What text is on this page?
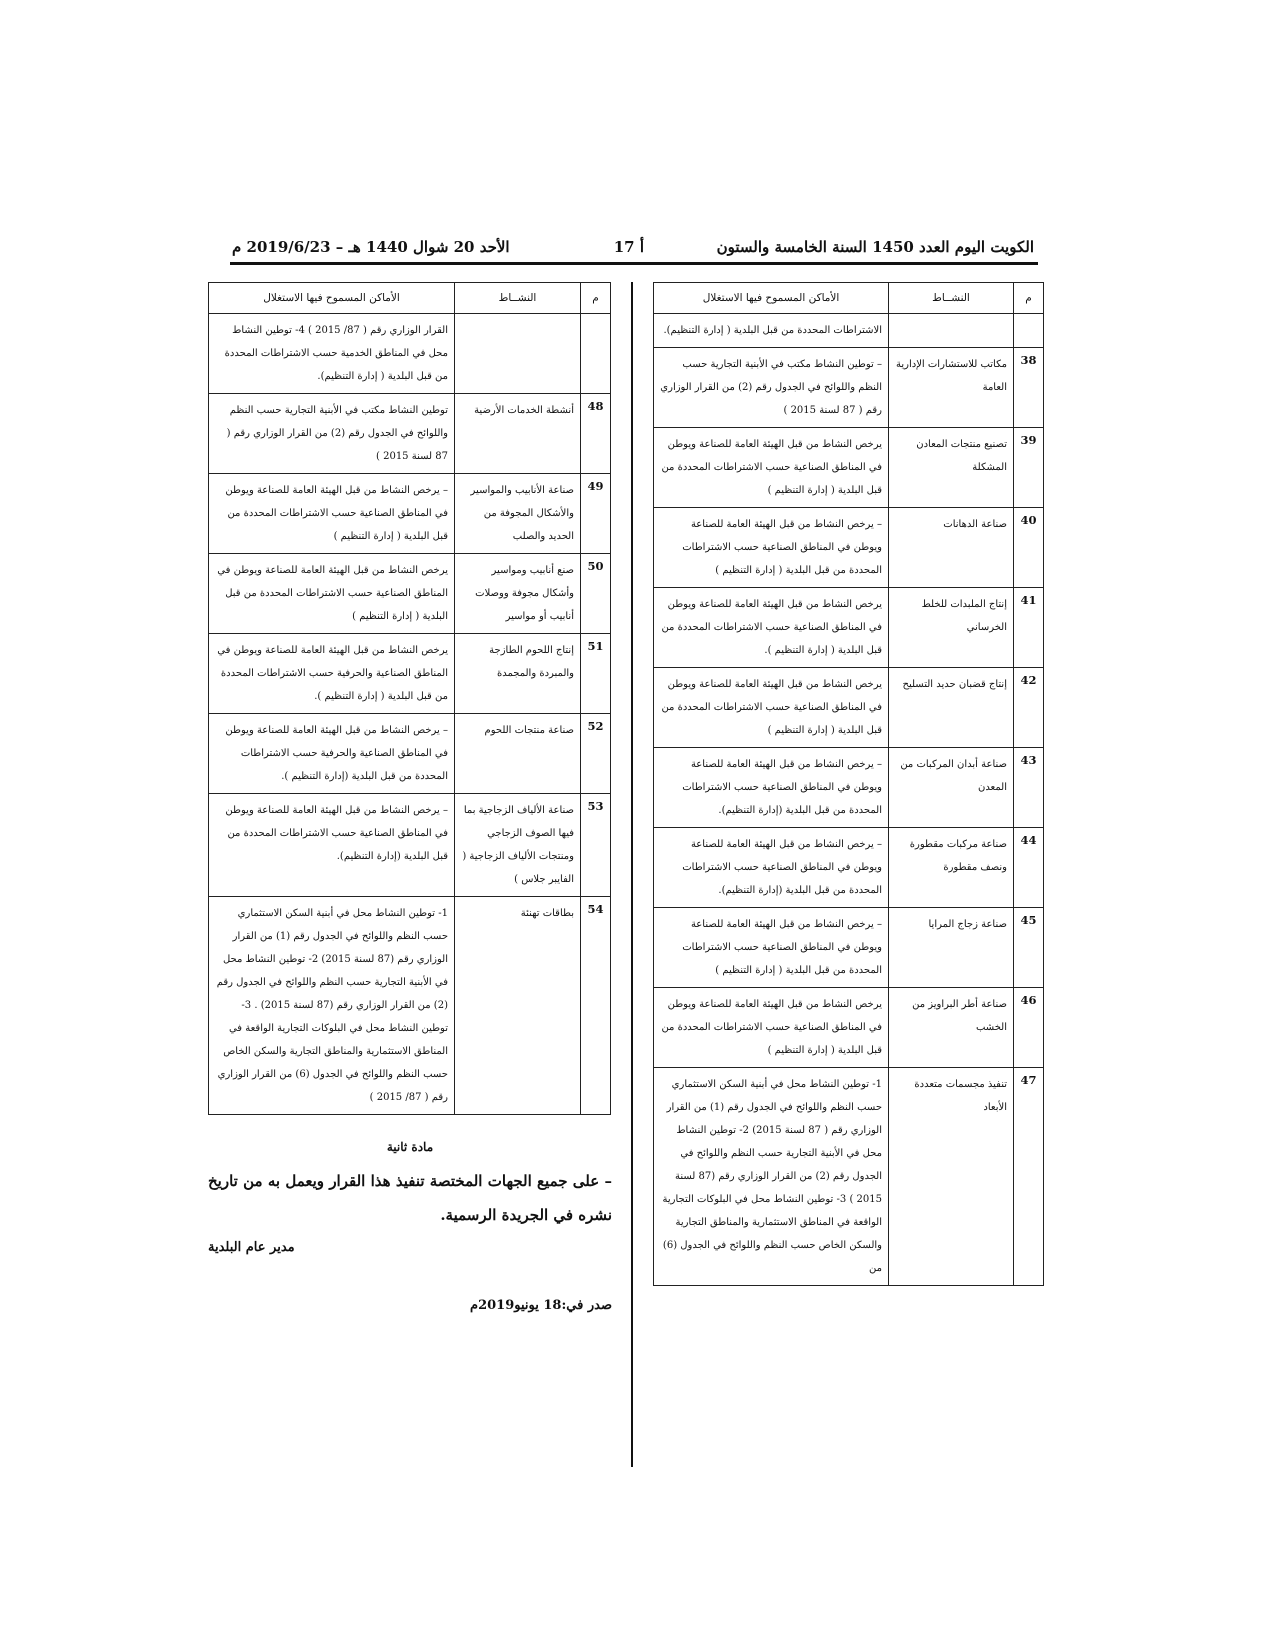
الكويت اليوم العدد 1450 السنة الخامسة والستون
أ 17
الأحد 20 شوال 1440 هـ – 2019/6/23 م
م	النشــاط	الأماكن المسموح فيها الاستغلال
		الاشتراطات المحددة من قبل البلدية ( إدارة التنظيم).
38	مكاتب للاستشارات الإدارية العامة	– توطين النشاط مكتب في الأبنية التجارية حسب النظم واللوائح في الجدول رقم (2) من القرار الوزاري رقم ( 87 لسنة 2015 )
39	تصنيع منتجات المعادن المشكلة	يرخص النشاط من قبل الهيئة العامة للصناعة ويوطن في المناطق الصناعية حسب الاشتراطات المحددة من قبل البلدية ( إدارة التنظيم )
40	صناعة الدهانات	– يرخص النشاط من قبل الهيئة العامة للصناعة ويوطن في المناطق الصناعية حسب الاشتراطات المحددة من قبل البلدية ( إدارة التنظيم )
41	إنتاج الملبدات للخلط الخرساني	يرخص النشاط من قبل الهيئة العامة للصناعة ويوطن في المناطق الصناعية حسب الاشتراطات المحددة من قبل البلدية ( إدارة التنظيم ).
42	إنتاج قضبان حديد التسليح	يرخص النشاط من قبل الهيئة العامة للصناعة ويوطن في المناطق الصناعية حسب الاشتراطات المحددة من قبل البلدية ( إدارة التنظيم )
43	صناعة أبدان المركبات من المعدن	– يرخص النشاط من قبل الهيئة العامة للصناعة ويوطن في المناطق الصناعية حسب الاشتراطات المحددة من قبل البلدية (إدارة التنظيم).
44	صناعة مركبات مقطورة ونصف مقطورة	– يرخص النشاط من قبل الهيئة العامة للصناعة ويوطن في المناطق الصناعية حسب الاشتراطات المحددة من قبل البلدية (إدارة التنظيم).
45	صناعة زجاج المرايا	– يرخص النشاط من قبل الهيئة العامة للصناعة ويوطن في المناطق الصناعية حسب الاشتراطات المحددة من قبل البلدية ( إدارة التنظيم )
46	صناعة أطر البراويز من الخشب	يرخص النشاط من قبل الهيئة العامة للصناعة ويوطن في المناطق الصناعية حسب الاشتراطات المحددة من قبل البلدية ( إدارة التنظيم )
47	تنفيذ مجسمات متعددة الأبعاد	1- توطين النشاط محل في أبنية السكن الاستثماري حسب النظم واللوائح في الجدول رقم (1) من القرار الوزاري رقم ( 87 لسنة 2015) 2- توطين النشاط محل في الأبنية التجارية حسب النظم واللوائح في الجدول رقم (2) من القرار الوزاري رقم (87 لسنة 2015 ) 3- توطين النشاط محل في البلوكات التجارية الواقعة في المناطق الاستثمارية والمناطق التجارية والسكن الخاص حسب النظم واللوائح في الجدول (6) من
م	النشــاط	الأماكن المسموح فيها الاستغلال
		القرار الوزاري رقم ( 87/ 2015 ) 4- توطين النشاط محل في المناطق الخدمية حسب الاشتراطات المحددة من قبل البلدية ( إدارة التنظيم).
48	أنشطة الخدمات الأرضية	توطين النشاط مكتب في الأبنية التجارية حسب النظم واللوائح في الجدول رقم (2) من القرار الوزاري رقم ( 87 لسنة 2015 )
49	صناعة الأنابيب والمواسير والأشكال المجوفة من الحديد والصلب	– يرخص النشاط من قبل الهيئة العامة للصناعة ويوطن في المناطق الصناعية حسب الاشتراطات المحددة من قبل البلدية ( إدارة التنظيم )
50	صنع أنابيب ومواسير وأشكال مجوفة ووصلات أنابيب أو مواسير	يرخص النشاط من قبل الهيئة العامة للصناعة ويوطن في المناطق الصناعية حسب الاشتراطات المحددة من قبل البلدية ( إدارة التنظيم )
51	إنتاج اللحوم الطازجة والمبردة والمجمدة	يرخص النشاط من قبل الهيئة العامة للصناعة ويوطن في المناطق الصناعية والحرفية حسب الاشتراطات المحددة من قبل البلدية ( إدارة التنظيم ).
52	صناعة منتجات اللحوم	– يرخص النشاط من قبل الهيئة العامة للصناعة ويوطن في المناطق الصناعية والحرفية حسب الاشتراطات المحددة من قبل البلدية (إدارة التنظيم ).
53	صناعة الألياف الزجاجية بما فيها الصوف الزجاجي ومنتجات الألياف الزجاجية ( الفايبر جلاس )	– يرخص النشاط من قبل الهيئة العامة للصناعة ويوطن في المناطق الصناعية حسب الاشتراطات المحددة من قبل البلدية (إدارة التنظيم).
54	بطاقات تهنئة	1- توطين النشاط محل في أبنية السكن الاستثماري حسب النظم واللوائح في الجدول رقم (1) من القرار الوزاري رقم (87 لسنة 2015) 2- توطين النشاط محل في الأبنية التجارية حسب النظم واللوائح في الجدول رقم (2) من القرار الوزاري رقم (87 لسنة 2015) . 3- توطين النشاط محل في البلوكات التجارية الواقعة في المناطق الاستثمارية والمناطق التجارية والسكن الخاص حسب النظم واللوائح في الجدول (6) من القرار الوزاري رقم ( 87/ 2015 )

مادة ثانية

– على جميع الجهات المختصة تنفيذ هذا القرار ويعمل به من تاريخ نشره في الجريدة الرسمية.

مدير عام البلدية
صدر في:18 يونيو2019م
